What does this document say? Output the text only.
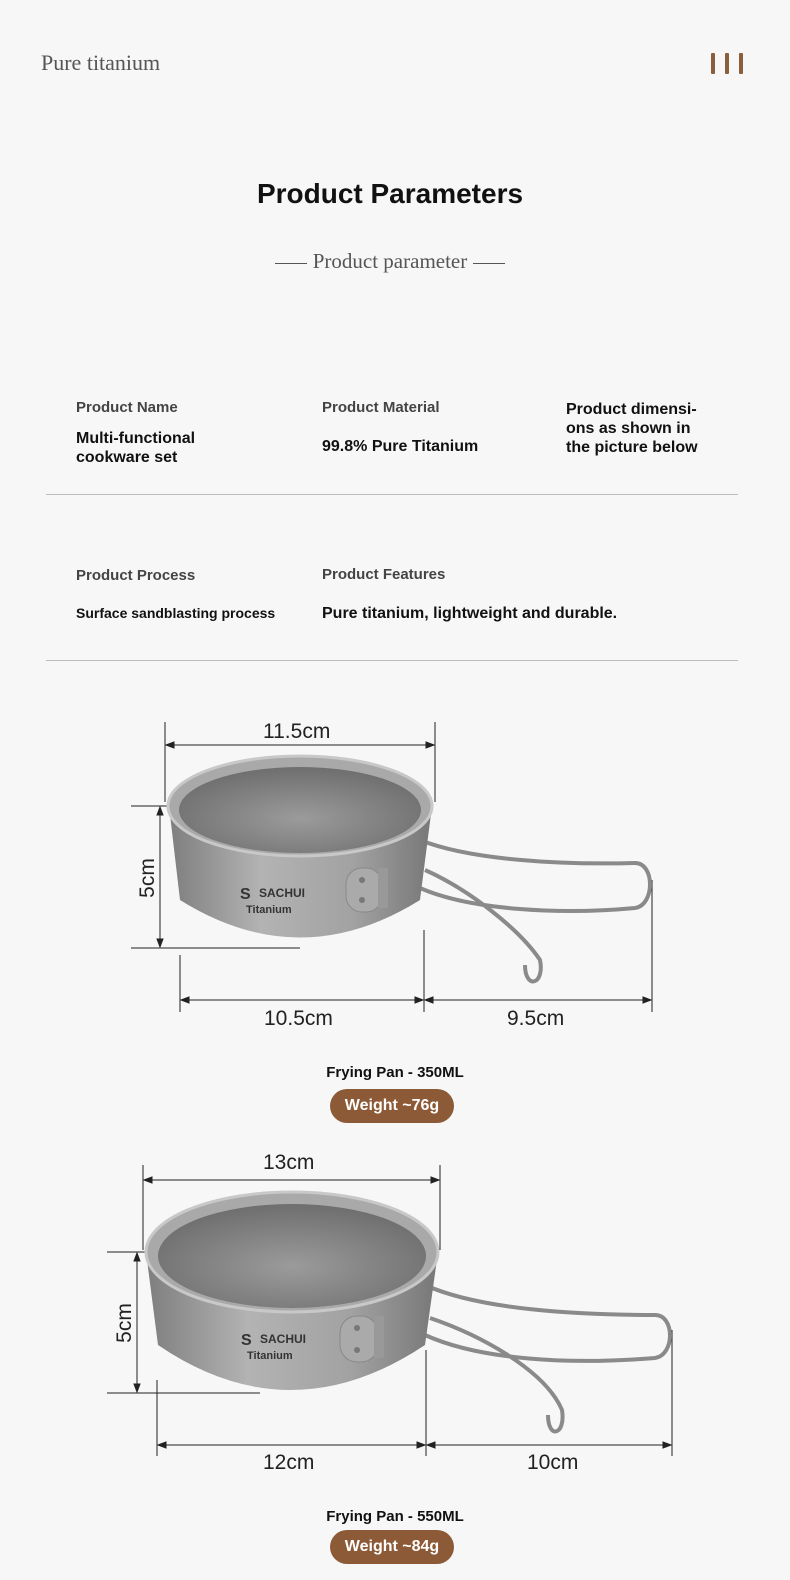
Pure titanium
Product Parameters
Product parameter
Product Name
Multi-functional
cookware set
Product Material
99.8% Pure Titanium
Product dimensi-
ons as shown in
the picture below
Product Process
Surface sandblasting process
Product Features
Pure titanium, lightweight and durable.
S SACHUI
Titanium
S SACHUI
Titanium
11.5cm
5cm
10.5cm	9.5cm
Frying Pan - 350ML
Weight ~76g
13cm
5cm
12cm	10cm
Frying Pan - 550ML
Weight ~84g
